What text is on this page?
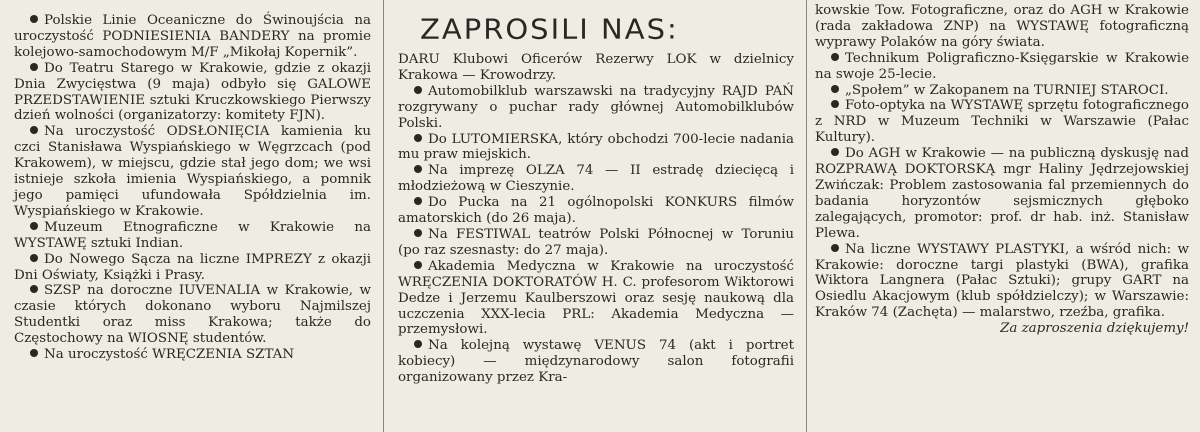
Polskie Linie Oceaniczne do Świnoujścia na uroczystość PODNIESIENIA BANDERY na promie kolejowo-samochodowym M/F „Mikołaj Kopernik”.

Do Teatru Starego w Krakowie, gdzie z okazji Dnia Zwycięstwa (9 maja) odbyło się GALOWE PRZEDSTAWIENIE sztuki Kruczkowskiego Pierwszy dzień wolności (organizatorzy: komitety FJN).

Na uroczystość ODSŁONIĘCIA kamienia ku czci Stanisława Wyspiańskiego w Węgrzcach (pod Krakowem), w miejscu, gdzie stał jego dom; we wsi istnieje szkoła imienia Wyspiańskiego, a pomnik jego pamięci ufundowała Spółdzielnia im. Wyspiańskiego w Krakowie.

Muzeum Etnograficzne w Krakowie na WYSTAWĘ sztuki Indian.

Do Nowego Sącza na liczne IMPREZY z okazji Dni Oświaty, Książki i Prasy.

SZSP na doroczne IUVENALIA w Krakowie, w czasie których dokonano wyboru Najmilszej Studentki oraz miss Krakowa; także do Częstochowy na WIOSNĘ studentów.

Na uroczystość WRĘCZENIA SZTAN

ZAPROSILI NAS:

DARU Klubowi Oficerów Rezerwy LOK w dzielnicy Krakowa — Krowodrzy.

Automobilklub warszawski na tradycyjny RAJD PAŃ rozgrywany o puchar rady głównej Automobilklubów Polski.

Do LUTOMIERSKA, który obchodzi 700-lecie nadania mu praw miejskich.

Na imprezę OLZA 74 — II estradę dziecięcą i młodzieżową w Cieszynie.

Do Pucka na 21 ogólnopolski KONKURS filmów amatorskich (do 26 maja).

Na FESTIWAL teatrów Polski Północnej w Toruniu (po raz szesnasty: do 27 maja).

Akademia Medyczna w Krakowie na uroczystość WRĘCZENIA DOKTORATÓW H. C. profesorom Wiktorowi Dedze i Jerzemu Kaulberszowi oraz sesję naukową dla uczczenia XXX-lecia PRL: Akademia Medyczna — przemysłowi.

Na kolejną wystawę VENUS 74 (akt i portret kobiecy) — międzynarodowy salon fotografii organizowany przez Kra-

kowskie Tow. Fotograficzne, oraz do AGH w Krakowie (rada zakładowa ZNP) na WYSTAWĘ fotograficzną wyprawy Polaków na góry świata.

Technikum Poligraficzno-Księgarskie w Krakowie na swoje 25-lecie.

„Społem” w Zakopanem na TURNIEJ STAROCI.

Foto-optyka na WYSTAWĘ sprzętu fotograficznego z NRD w Muzeum Techniki w Warszawie (Pałac Kultury).

Do AGH w Krakowie — na publiczną dyskusję nad ROZPRAWĄ DOKTORSKĄ mgr Haliny Jędrzejowskiej Zwińczak: Problem zastosowania fal przemiennych do badania horyzontów sejsmicznych głęboko zalegających, promotor: prof. dr hab. inż. Stanisław Plewa.

Na liczne WYSTAWY PLASTYKI, a wśród nich: w Krakowie: doroczne targi plastyki (BWA), grafika Wiktora Langnera (Pałac Sztuki); grupy GART na Osiedlu Akacjowym (klub spółdzielczy); w Warszawie: Kraków 74 (Zachęta) — malarstwo, rzeźba, grafika.

Za zaproszenia dziękujemy!
